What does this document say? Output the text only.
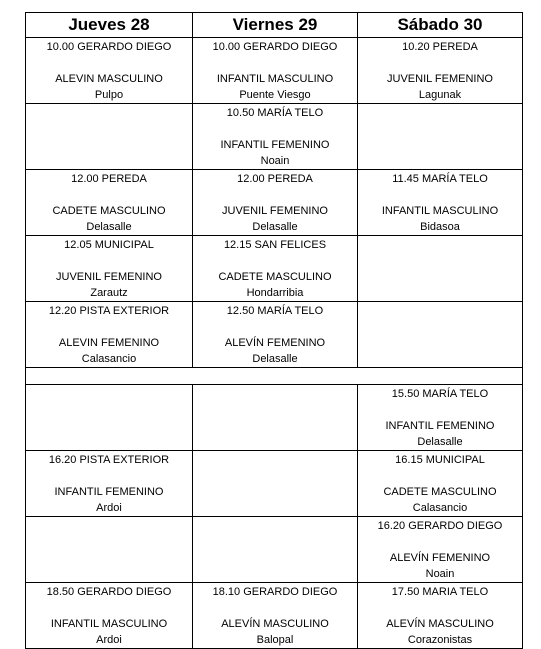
Jueves 28	Viernes 29	Sábado 30

10.00 GERARDO DIEGO
ALEVIN MASCULINO
Pulpo	10.00 GERARDO DIEGO
INFANTIL MASCULINO
Puente Viesgo	10.20 PEREDA
JUVENIL FEMENINO
Lagunak

	10.50 MARÍA TELO
INFANTIL FEMENINO
Noain	

12.00 PEREDA
CADETE MASCULINO
Delasalle	12.00 PEREDA
JUVENIL FEMENINO
Delasalle	11.45 MARÍA TELO
INFANTIL MASCULINO
Bidasoa

12.05 MUNICIPAL
JUVENIL FEMENINO
Zarautz	12.15 SAN FELICES
CADETE MASCULINO
Hondarribia	

12.20 PISTA EXTERIOR
ALEVIN FEMENINO
Calasancio	12.50 MARÍA TELO
ALEVÍN FEMENINO
Delasalle	

		15.50 MARÍA TELO
INFANTIL FEMENINO
Delasalle

16.20 PISTA EXTERIOR
INFANTIL FEMENINO
Ardoi		16.15 MUNICIPAL
CADETE MASCULINO
Calasancio

		16.20 GERARDO DIEGO
ALEVÍN FEMENINO
Noain

18.50 GERARDO DIEGO
INFANTIL MASCULINO
Ardoi	18.10 GERARDO DIEGO
ALEVÍN MASCULINO
Balopal	17.50 MARIA TELO
ALEVÍN MASCULINO
Corazonistas
